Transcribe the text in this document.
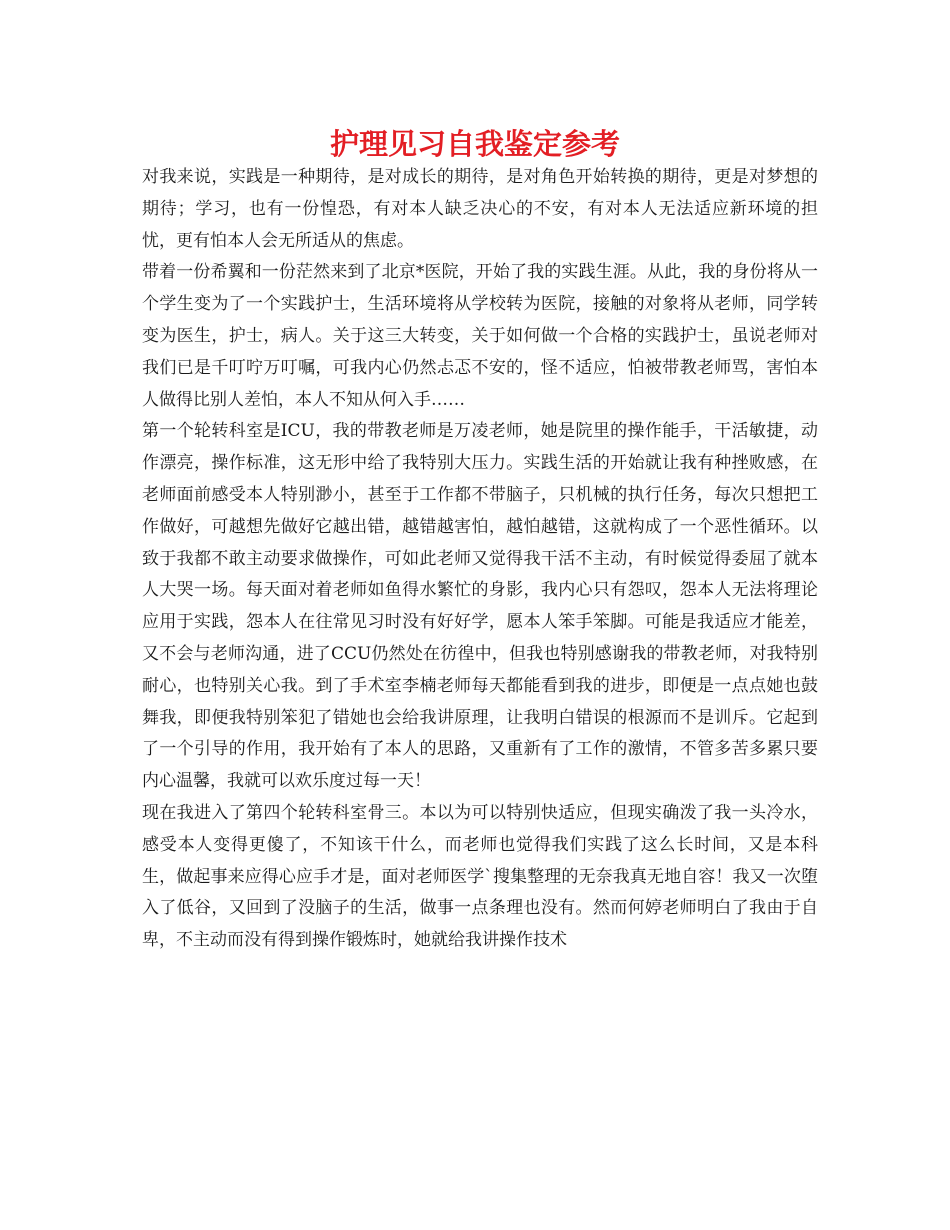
护理见习自我鉴定参考

对我来说，实践是一种期待，是对成长的期待，是对角色开始转换的期待，更是对梦想的期待；学习，也有一份惶恐，有对本人缺乏决心的不安，有对本人无法适应新环境的担忧，更有怕本人会无所适从的焦虑。

带着一份希翼和一份茫然来到了北京*医院，开始了我的实践生涯。从此，我的身份将从一个学生变为了一个实践护士，生活环境将从学校转为医院，接触的对象将从老师，同学转变为医生，护士，病人。关于这三大转变，关于如何做一个合格的实践护士，虽说老师对我们已是千叮咛万叮嘱，可我内心仍然忐忑不安的，怪不适应，怕被带教老师骂，害怕本人做得比别人差怕，本人不知从何入手……

第一个轮转科室是ICU，我的带教老师是万凌老师，她是院里的操作能手，干活敏捷，动作漂亮，操作标准，这无形中给了我特别大压力。实践生活的开始就让我有种挫败感，在老师面前感受本人特别渺小，甚至于工作都不带脑子，只机械的执行任务，每次只想把工作做好，可越想先做好它越出错，越错越害怕，越怕越错，这就构成了一个恶性循环。以致于我都不敢主动要求做操作，可如此老师又觉得我干活不主动，有时候觉得委屈了就本人大哭一场。每天面对着老师如鱼得水繁忙的身影，我内心只有怨叹，怨本人无法将理论应用于实践，怨本人在往常见习时没有好好学，愿本人笨手笨脚。可能是我适应才能差，又不会与老师沟通，进了CCU仍然处在彷徨中，但我也特别感谢我的带教老师，对我特别耐心，也特别关心我。到了手术室李楠老师每天都能看到我的进步，即便是一点点她也鼓舞我，即便我特别笨犯了错她也会给我讲原理，让我明白错误的根源而不是训斥。它起到了一个引导的作用，我开始有了本人的思路，又重新有了工作的激情，不管多苦多累只要内心温馨，我就可以欢乐度过每一天！

现在我进入了第四个轮转科室骨三。本以为可以特别快适应，但现实确泼了我一头冷水，感受本人变得更傻了，不知该干什么，而老师也觉得我们实践了这么长时间，又是本科生，做起事来应得心应手才是，面对老师医学`搜集整理的无奈我真无地自容！我又一次堕入了低谷，又回到了没脑子的生活，做事一点条理也没有。然而何婷老师明白了我由于自卑，不主动而没有得到操作锻炼时，她就给我讲操作技术
